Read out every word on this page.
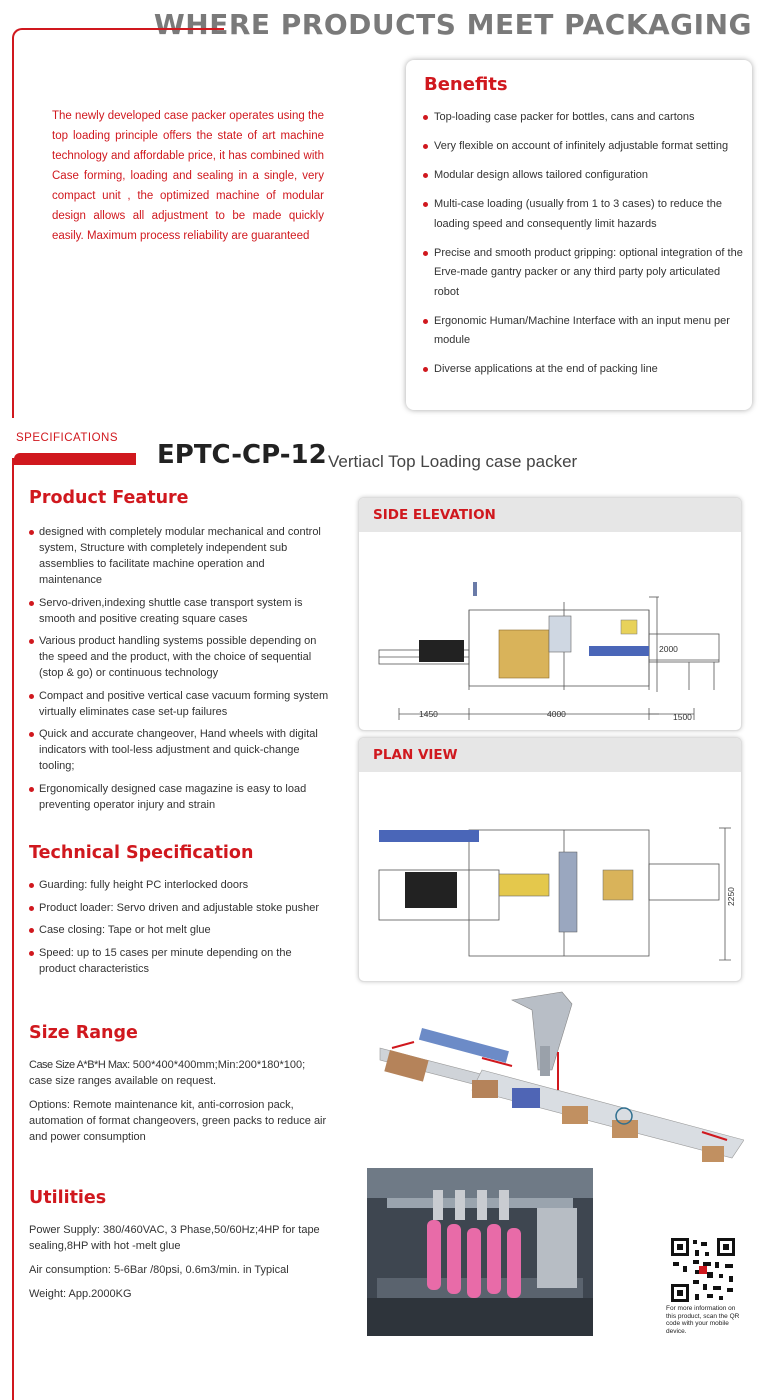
WHERE PRODUCTS MEET PACKAGING
The newly developed case packer operates using the top loading principle offers the state of art machine technology and affordable price, it has combined with Case forming, loading and sealing in a single, very compact unit , the optimized machine of modular design allows all adjustment to be made quickly easily. Maximum process reliability are guaranteed
Benefits
Top-loading case packer for bottles, cans and cartons
Very flexible on account of infinitely adjustable format setting
Modular design allows tailored configuration
Multi-case loading (usually from 1 to 3 cases) to reduce the loading speed and consequently limit hazards
Precise and smooth product gripping: optional integration of the Erve-made gantry packer or any third party poly articulated robot
Ergonomic Human/Machine Interface with an input menu per module
Diverse applications at the end of packing line
SPECIFICATIONS
EPTC-CP-12 Vertiacl Top Loading case packer
Product Feature
designed with completely modular mechanical and control system, Structure with completely independent sub assemblies to facilitate machine operation and maintenance
Servo-driven,indexing shuttle case transport system is smooth and positive creating square cases
Various product handling systems possible depending on the speed and the product, with the choice of sequential (stop & go) or continuous technology
Compact and positive vertical case vacuum forming system virtually eliminates case set-up failures
Quick and accurate changeover, Hand wheels with digital indicators with tool-less adjustment and quick-change tooling;
Ergonomically designed case magazine is easy to load preventing operator injury and strain
Technical Specification
Guarding: fully height PC interlocked doors
Product loader: Servo driven and adjustable stoke pusher
Case closing: Tape or hot melt glue
Speed: up to 15 cases per minute depending on the product characteristics
Size Range
Case Size A*B*H Max: 500*400*400mm;Min:200*180*100; case size ranges available on request.
Options: Remote maintenance kit, anti-corrosion pack, automation of format changeovers, green packs to reduce air and power consumption
Utilities
Power Supply: 380/460VAC, 3 Phase,50/60Hz;4HP for tape sealing,8HP with hot -melt glue
Air consumption: 5-6Bar /80psi, 0.6m3/min. in Typical
Weight: App.2000KG
SIDE ELEVATION
2000
1450	4000	1500
PLAN VIEW
2250
For more information on this product, scan the QR code with your mobile device.
